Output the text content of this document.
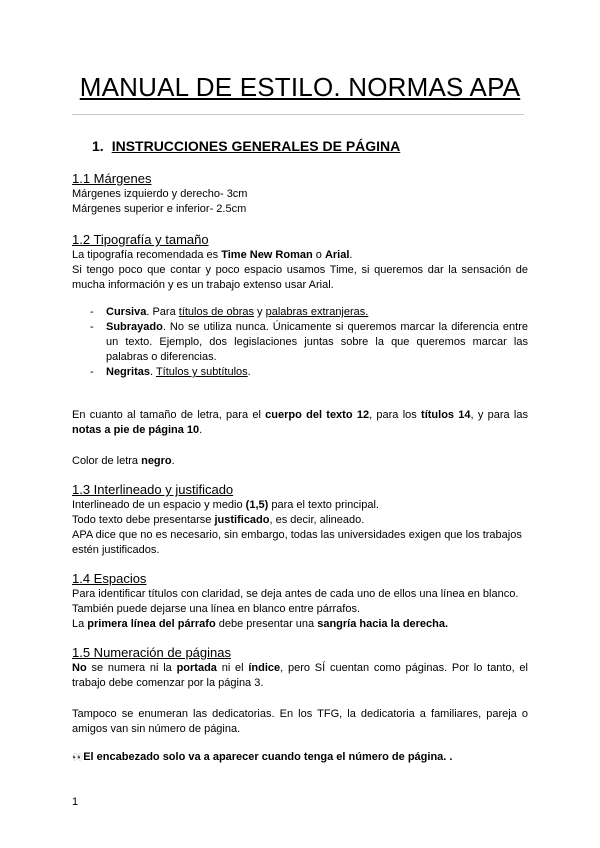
MANUAL DE ESTILO. NORMAS APA
1. INSTRUCCIONES GENERALES DE PÁGINA
1.1 Márgenes
Márgenes izquierdo y derecho- 3cm
Márgenes superior e inferior- 2.5cm
1.2 Tipografía y tamaño
La tipografía recomendada es Time New Roman o Arial.
Si tengo poco que contar y poco espacio usamos Time, si queremos dar la sensación de mucha información y es un trabajo extenso usar Arial.
- Cursiva. Para títulos de obras y palabras extranjeras.
- Subrayado. No se utiliza nunca. Únicamente si queremos marcar la diferencia entre un texto. Ejemplo, dos legislaciones juntas sobre la que queremos marcar las palabras o diferencias.
- Negritas. Títulos y subtítulos.
En cuanto al tamaño de letra, para el cuerpo del texto 12, para los títulos 14, y para las notas a pie de página 10.
Color de letra negro.
1.3 Interlineado y justificado
Interlineado de un espacio y medio (1,5) para el texto principal.
Todo texto debe presentarse justificado, es decir, alineado.
APA dice que no es necesario, sin embargo, todas las universidades exigen que los trabajos estén justificados.
1.4 Espacios
Para identificar títulos con claridad, se deja antes de cada uno de ellos una línea en blanco.
También puede dejarse una línea en blanco entre párrafos.
La primera línea del párrafo debe presentar una sangría hacia la derecha.
1.5 Numeración de páginas
No se numera ni la portada ni el índice, pero SÍ cuentan como páginas. Por lo tanto, el trabajo debe comenzar por la página 3.
Tampoco se enumeran las dedicatorias. En los TFG, la dedicatoria a familiares, pareja o amigos van sin número de página.
👀El encabezado solo va a aparecer cuando tenga el número de página. .
1
